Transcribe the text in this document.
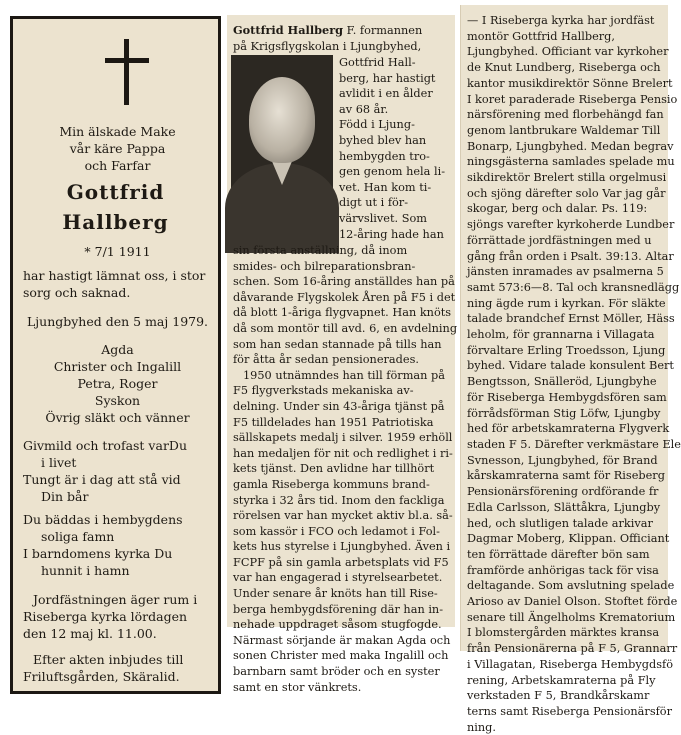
Min älskade Make
vår käre Pappa
och Farfar
Gottfrid
Hallberg
* 7/1 1911
har hastigt lämnat oss, i stor
sorg och saknad.
Ljungbyhed den 5 maj 1979.
Agda
Christer och Ingalill
Petra, Roger
Syskon
Övrig släkt och vänner
Givmild och trofast varDu
i livet
Tungt är i dag att stå vid
Din bår
Du bäddas i hembygdens
soliga famn
I barndomens kyrka Du
hunnit i hamn
Jordfästningen äger rum i
Riseberga kyrka lördagen
den 12 maj kl. 11.00.
Efter akten inbjudes till
Friluftsgården, Skäralid.
Gottfrid Hallberg F. formannen
på Krigsflygskolan i Ljungbyhed,
Gottfrid Hall-
berg, har hastigt
avlidit i en ålder
av 68 år.
Född i Ljung-
byhed blev han
hembygden tro-
gen genom hela li-
vet. Han kom ti-
digt ut i för-
värvslivet. Som
12-åring hade han
sin första anställning, då inom
smides- och bilreparationsbran-
schen. Som 16-åring anställdes han på
dåvarande Flygskolek Åren på F5 i det
då blott 1-åriga flygvapnet. Han knöts
då som montör till avd. 6, en avdelning
som han sedan stannade på tills han
för åtta år sedan pensionerades.
1950 utnämndes han till förman på
F5 flygverkstads mekaniska av-
delning. Under sin 43-åriga tjänst på
F5 tilldelades han 1951 Patriotiska
sällskapets medalj i silver. 1959 erhöll
han medaljen för nit och redlighet i ri-
kets tjänst. Den avlidne har tillhört
gamla Riseberga kommuns brand-
styrka i 32 års tid. Inom den fackliga
rörelsen var han mycket aktiv bl.a. så-
som kassör i FCO och ledamot i Fol-
kets hus styrelse i Ljungbyhed. Även i
FCPF på sin gamla arbetsplats vid F5
var han engagerad i styrelsearbetet.
Under senare år knöts han till Rise-
berga hembygdsförening där han in-
nehade uppdraget såsom stugfogde.
Närmast sörjande är makan Agda och
sonen Christer med maka Ingalill och
barnbarn samt bröder och en syster
samt en stor vänkrets.
— I Riseberga kyrka har jordfäst
montör Gottfrid Hallberg,
Ljungbyhed. Officiant var kyrkoher
de Knut Lundberg, Riseberga och
kantor musikdirektör Sönne Brelert
I koret paraderade Riseberga Pensio
närsförening med florbehängd fan
genom lantbrukare Waldemar Till
Bonarp, Ljungbyhed. Medan begrav
ningsgästerna samlades spelade mu
sikdirektör Brelert stilla orgelmusi
och sjöng därefter solo Var jag går
skogar, berg och dalar. Ps. 119:
sjöngs varefter kyrkoherde Lundber
förrättade jordfästningen med u
gång från orden i Psalt. 39:13. Altar
jänsten inramades av psalmerna 5
samt 573:6—8. Tal och kransnedlägg
ning ägde rum i kyrkan. För släkte
talade brandchef Ernst Möller, Häss
leholm, för grannarna i Villagata
förvaltare Erling Troedsson, Ljung
byhed. Vidare talade konsulent Bert
Bengtsson, Snälleröd, Ljungbyhe
för Riseberga Hembygdsfören sam
förrådsförman Stig Löfw, Ljungby
hed för arbetskamraterna Flygverk
staden F 5. Därefter verkmästare Ele
Svnesson, Ljungbyhed, för Brand
kårskamraterna samt för Riseberg
Pensionärsförening ordförande fr
Edla Carlsson, Slättåkra, Ljungby
hed, och slutligen talade arkivar
Dagmar Moberg, Klippan. Officiant
ten förrättade därefter bön sam
framförde anhörigas tack för visa
deltagande. Som avslutning spelade
Arioso av Daniel Olson. Stoftet förde
senare till Ängelholms Krematorium
I blomstergården märktes kransa
från Pensionärerna på F 5, Grannarr
i Villagatan, Riseberga Hembygdsfö
rening, Arbetskamraterna på Fly
verkstaden F 5, Brandkårskamr
terns samt Riseberga Pensionärsför
ning.
